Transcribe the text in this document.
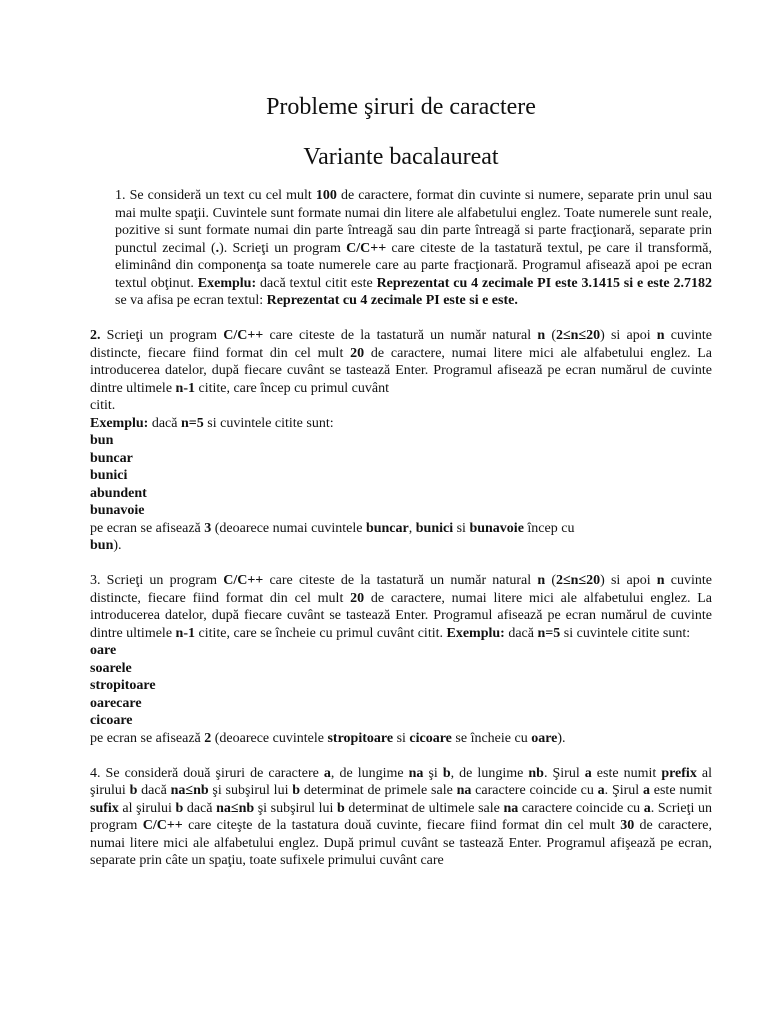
Probleme şiruri de caractere
Variante bacalaureat

1. Se consideră un text cu cel mult 100 de caractere, format din cuvinte si numere, separate prin unul sau mai multe spaţii. Cuvintele sunt formate numai din litere ale alfabetului englez. Toate numerele sunt reale, pozitive si sunt formate numai din parte întreagă sau din parte întreagă si parte fracţionară, separate prin punctul zecimal (.). Scrieţi un program C/C++ care citeste de la tastatură textul, pe care il transformă, eliminând din componenţa sa toate numerele care au parte fracţionară. Programul afisează apoi pe ecran textul obţinut. Exemplu: dacă textul citit este Reprezentat cu 4 zecimale PI este 3.1415 si e este 2.7182 se va afisa pe ecran textul: Reprezentat cu 4 zecimale PI este si e este.

2. Scrieţi un program C/C++ care citeste de la tastatură un număr natural n (2≤n≤20) si apoi n cuvinte distincte, fiecare fiind format din cel mult 20 de caractere, numai litere mici ale alfabetului englez. La introducerea datelor, după fiecare cuvânt se tastează Enter. Programul afisează pe ecran numărul de cuvinte dintre ultimele n-1 citite, care încep cu primul cuvânt

citit.

Exemplu: dacă n=5 si cuvintele citite sunt:

bun
buncar
bunici
abundent
bunavoie

pe ecran se afisează 3 (deoarece numai cuvintele buncar, bunici si bunavoie încep cu
bun).

3. Scrieţi un program C/C++ care citeste de la tastatură un număr natural n (2≤n≤20) si apoi n cuvinte distincte, fiecare fiind format din cel mult 20 de caractere, numai litere mici ale alfabetului englez. La introducerea datelor, după fiecare cuvânt se tastează Enter. Programul afisează pe ecran numărul de cuvinte dintre ultimele n-1 citite, care se încheie cu primul cuvânt citit. Exemplu: dacă n=5 si cuvintele citite sunt:

oare
soarele
stropitoare
oarecare
cicoare

pe ecran se afisează 2 (deoarece cuvintele stropitoare si cicoare se încheie cu oare).

4. Se consideră două şiruri de caractere a, de lungime na şi b, de lungime nb. Şirul a este numit prefix al şirului b dacă na≤nb şi subşirul lui b determinat de primele sale na caractere coincide cu a. Şirul a este numit sufix al şirului b dacă na≤nb şi subşirul lui b determinat de ultimele sale na caractere coincide cu a. Scrieţi un program C/C++ care citeşte de la tastatura două cuvinte, fiecare fiind format din cel mult 30 de caractere, numai litere mici ale alfabetului englez. După primul cuvânt se tastează Enter. Programul afişează pe ecran, separate prin câte un spaţiu, toate sufixele primului cuvânt care
